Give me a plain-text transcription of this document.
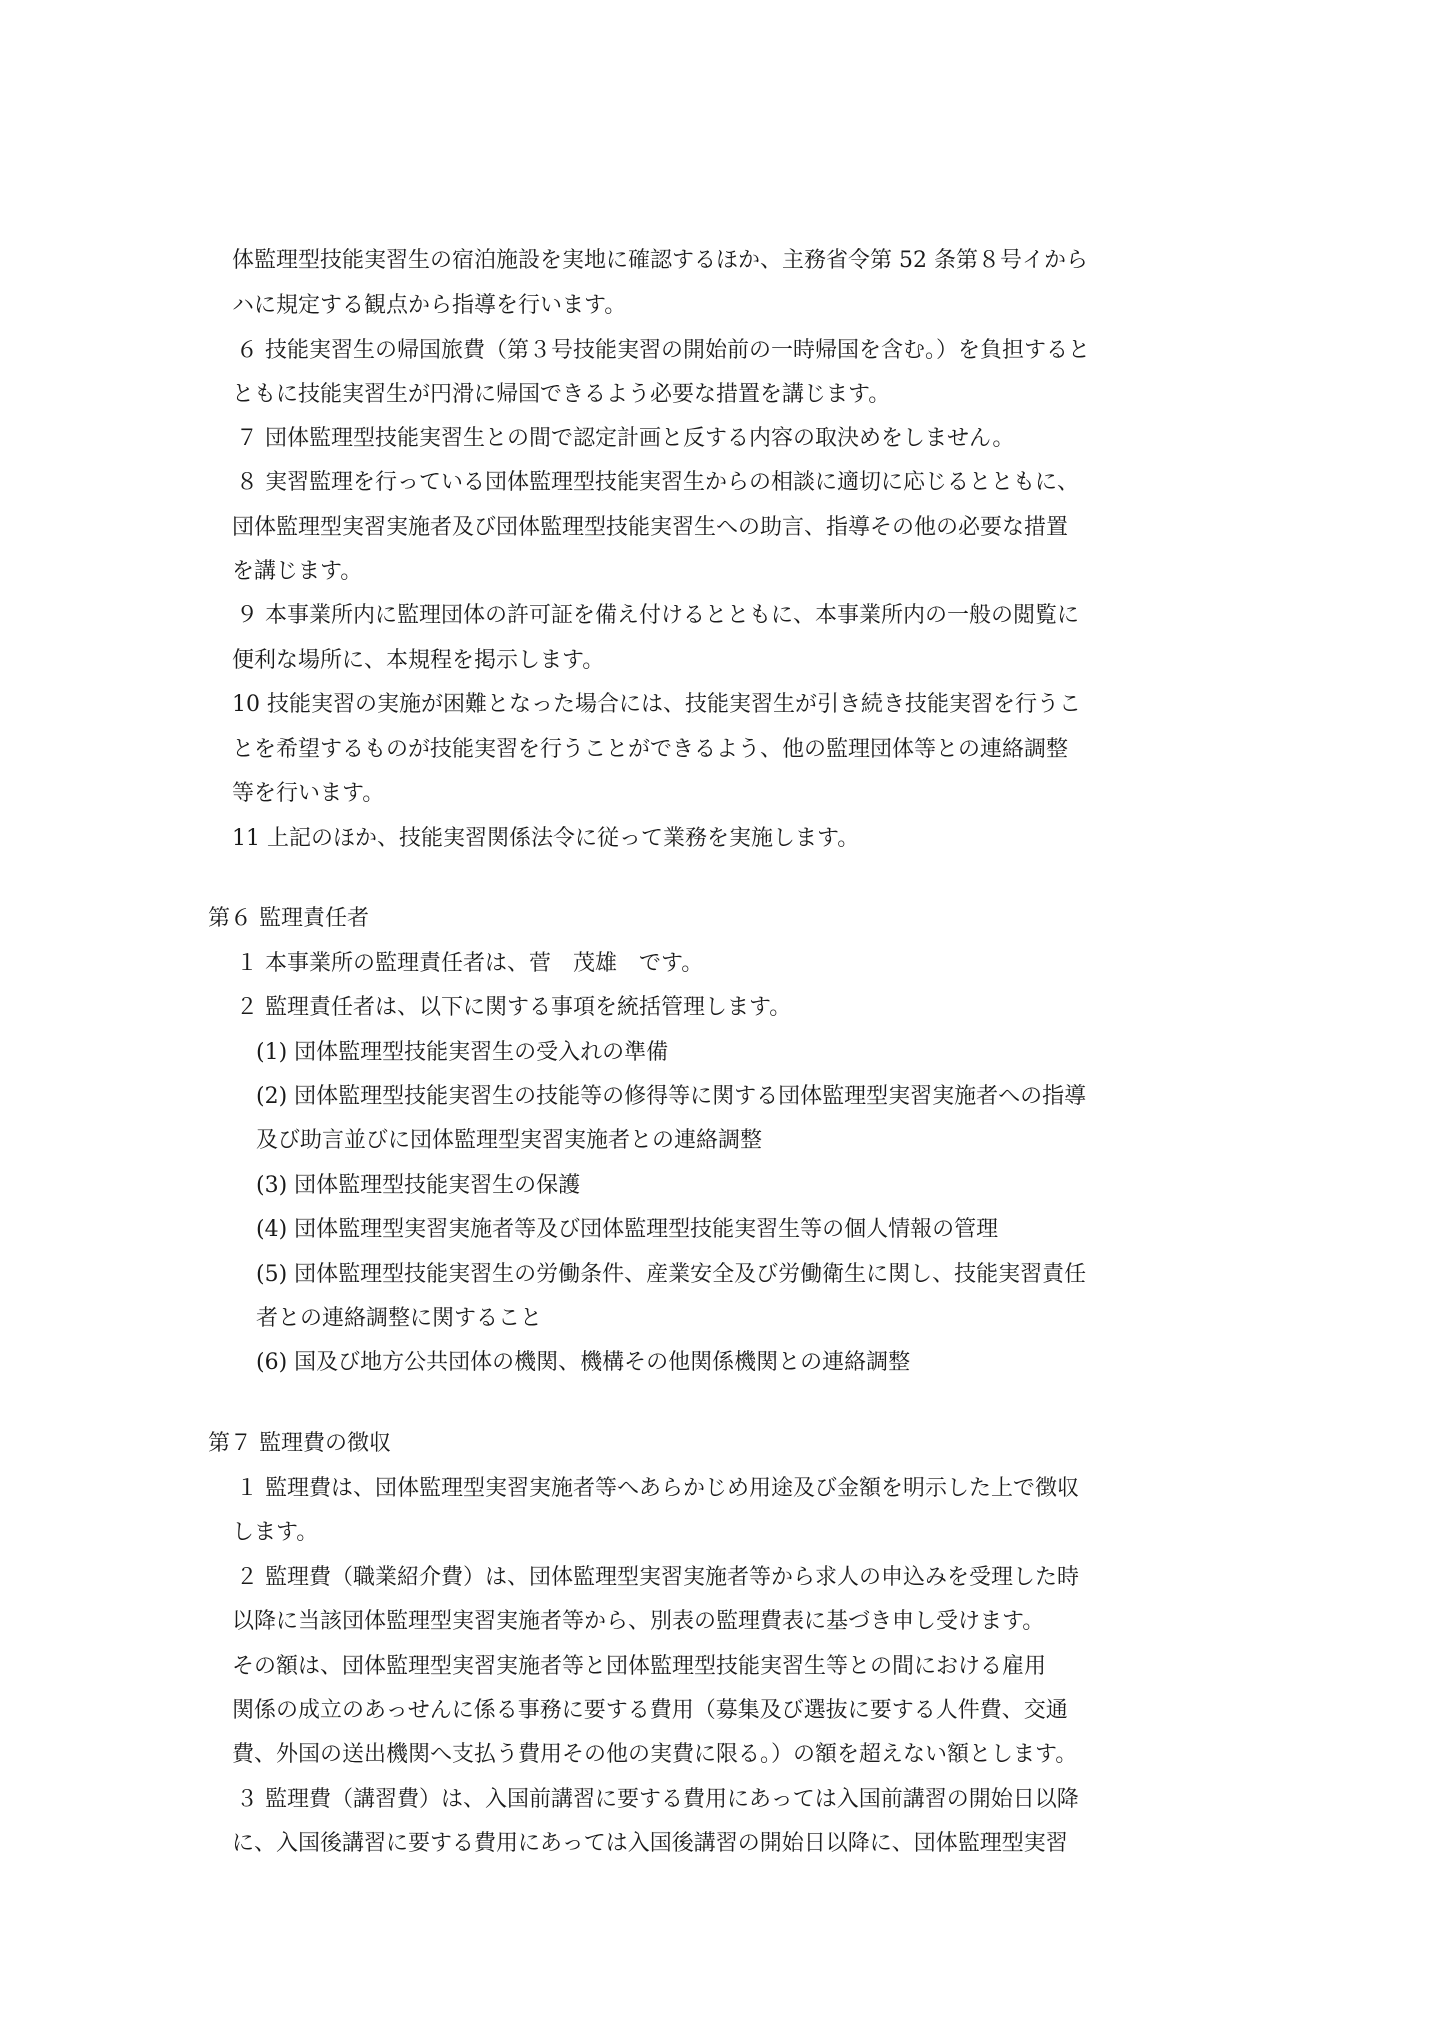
体監理型技能実習生の宿泊施設を実地に確認するほか、主務省令第 52 条第８号イから
ハに規定する観点から指導を行います。
６ 技能実習生の帰国旅費（第３号技能実習の開始前の一時帰国を含む。）を負担すると
ともに技能実習生が円滑に帰国できるよう必要な措置を講じます。
７ 団体監理型技能実習生との間で認定計画と反する内容の取決めをしません。
８ 実習監理を行っている団体監理型技能実習生からの相談に適切に応じるとともに、
団体監理型実習実施者及び団体監理型技能実習生への助言、指導その他の必要な措置
を講じます。
９ 本事業所内に監理団体の許可証を備え付けるとともに、本事業所内の一般の閲覧に
便利な場所に、本規程を掲示します。
10 技能実習の実施が困難となった場合には、技能実習生が引き続き技能実習を行うこ
とを希望するものが技能実習を行うことができるよう、他の監理団体等との連絡調整
等を行います。
11 上記のほか、技能実習関係法令に従って業務を実施します。
第６ 監理責任者
１ 本事業所の監理責任者は、菅　茂雄　です。
２ 監理責任者は、以下に関する事項を統括管理します。
(1) 団体監理型技能実習生の受入れの準備
(2) 団体監理型技能実習生の技能等の修得等に関する団体監理型実習実施者への指導
及び助言並びに団体監理型実習実施者との連絡調整
(3) 団体監理型技能実習生の保護
(4) 団体監理型実習実施者等及び団体監理型技能実習生等の個人情報の管理
(5) 団体監理型技能実習生の労働条件、産業安全及び労働衛生に関し、技能実習責任
者との連絡調整に関すること
(6) 国及び地方公共団体の機関、機構その他関係機関との連絡調整
第７ 監理費の徴収
１ 監理費は、団体監理型実習実施者等へあらかじめ用途及び金額を明示した上で徴収
します。
２ 監理費（職業紹介費）は、団体監理型実習実施者等から求人の申込みを受理した時
以降に当該団体監理型実習実施者等から、別表の監理費表に基づき申し受けます。
その額は、団体監理型実習実施者等と団体監理型技能実習生等との間における雇用
関係の成立のあっせんに係る事務に要する費用（募集及び選抜に要する人件費、交通
費、外国の送出機関へ支払う費用その他の実費に限る。）の額を超えない額とします。
３ 監理費（講習費）は、入国前講習に要する費用にあっては入国前講習の開始日以降
に、入国後講習に要する費用にあっては入国後講習の開始日以降に、団体監理型実習
